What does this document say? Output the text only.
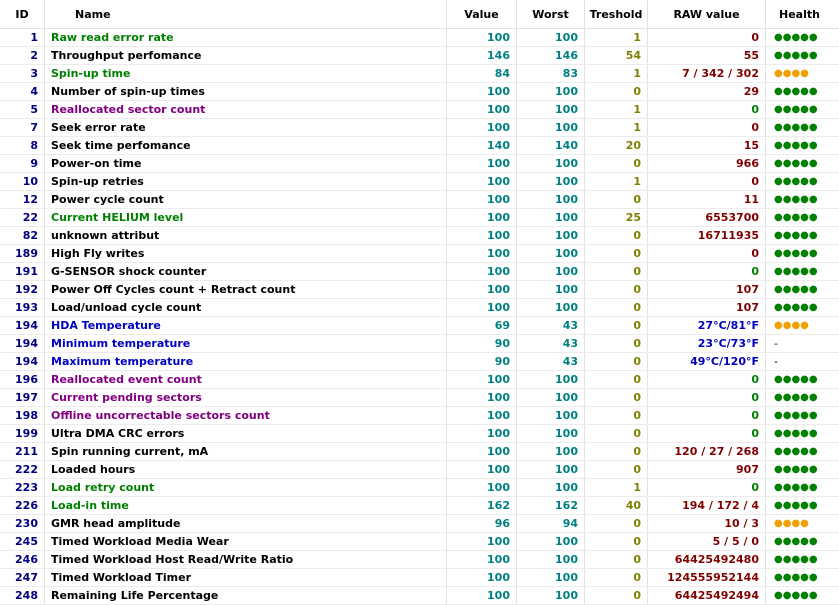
ID	Name	Value	Worst	Treshold	RAW value	Health
1	Raw read error rate	100	100	1	0	●●●●●
2	Throughput perfomance	146	146	54	55	●●●●●
3	Spin-up time	84	83	1	7 / 342 / 302	●●●●
4	Number of spin-up times	100	100	0	29	●●●●●
5	Reallocated sector count	100	100	1	0	●●●●●
7	Seek error rate	100	100	1	0	●●●●●
8	Seek time perfomance	140	140	20	15	●●●●●
9	Power-on time	100	100	0	966	●●●●●
10	Spin-up retries	100	100	1	0	●●●●●
12	Power cycle count	100	100	0	11	●●●●●
22	Current HELIUM level	100	100	25	6553700	●●●●●
82	unknown attribut	100	100	0	16711935	●●●●●
189	High Fly writes	100	100	0	0	●●●●●
191	G-SENSOR shock counter	100	100	0	0	●●●●●
192	Power Off Cycles count + Retract count	100	100	0	107	●●●●●
193	Load/unload cycle count	100	100	0	107	●●●●●
194	HDA Temperature	69	43	0	27°C/81°F	●●●●
194	Minimum temperature	90	43	0	23°C/73°F	-
194	Maximum temperature	90	43	0	49°C/120°F	-
196	Reallocated event count	100	100	0	0	●●●●●
197	Current pending sectors	100	100	0	0	●●●●●
198	Offline uncorrectable sectors count	100	100	0	0	●●●●●
199	Ultra DMA CRC errors	100	100	0	0	●●●●●
211	Spin running current, mA	100	100	0	120 / 27 / 268	●●●●●
222	Loaded hours	100	100	0	907	●●●●●
223	Load retry count	100	100	1	0	●●●●●
226	Load-in time	162	162	40	194 / 172 / 4	●●●●●
230	GMR head amplitude	96	94	0	10 / 3	●●●●
245	Timed Workload Media Wear	100	100	0	5 / 5 / 0	●●●●●
246	Timed Workload Host Read/Write Ratio	100	100	0	64425492480	●●●●●
247	Timed Workload Timer	100	100	0	124555952144	●●●●●
248	Remaining Life Percentage	100	100	0	64425492494	●●●●●
